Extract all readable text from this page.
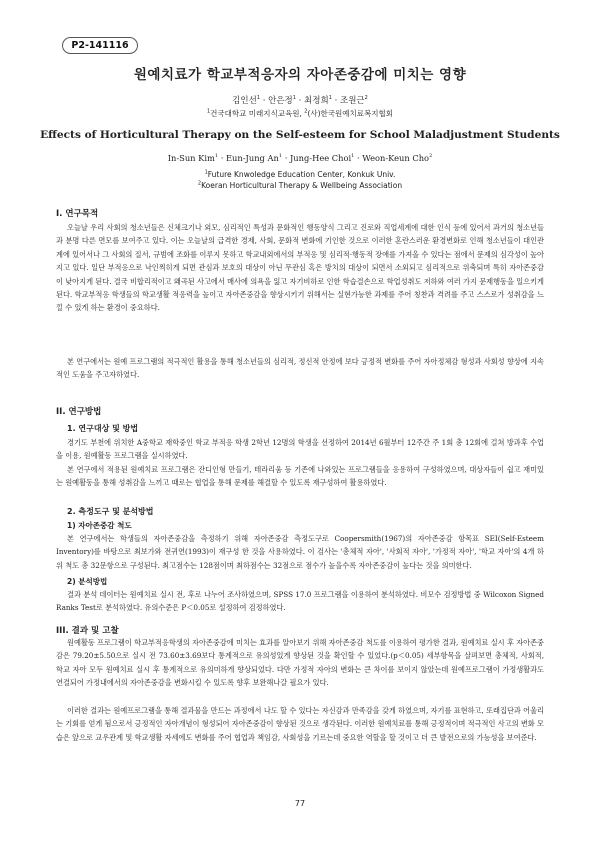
P2-141116
원예치료가 학교부적응자의 자아존중감에 미치는 영향
김인선$^1$ · 안은정$^1$ · 최정희$^1$ · 조원근$^2$
$^1$건국대학교 미래지식교육원, $^2$(사)한국원예치료복지협회
Effects of Horticultural Therapy on the Self-esteem for School Maladjustment Students
In-Sun Kim$^1$ · Eun-Jung $An^1$ · Jung-Hee Choi$^1$ · Weon-Keun Cho$^2$
$^1$Future Knwoledge Education Center, Konkuk Univ.
$^2$Koeran Horticultural Therapy & Wellbeing Association
I. 연구목적

오늘날 우리 사회의 청소년들은 신체크기나 외모, 심리적인 특성과 문화적인 행동양식 그리고 진로와 직업세계에 대한 인식 등에 있어서 과거의 청소년들과 분명 다른 면모를 보여주고 있다. 이는 오늘날의 급격한 경제, 사회, 문화적 변화에 기인한 것으로 이러한 혼란스러운 환경변화로 인해 청소년들이 대인관계에 있어서나 그 사회의 질서, 규범에 조화를 이루지 못하고 학교내외에서의 부적응 및 심리적·행동적 장애를 가져올 수 있다는 점에서 문제의 심각성이 높아지고 있다. 일단 부적응으로 낙인찍히게 되면 관심과 보호의 대상이 아닌 무관심 혹은 방치의 대상이 되면서 소외되고 심리적으로 위축되며 특히 자아존중감이 낮아지게 된다. 결국 비합리적이고 왜곡된 사고에서 매사에 의욕을 잃고 자기비하로 인한 학습결손으로 학업성취도 저하와 여러 가지 문제행동을 일으키게 된다. 학교부적응 학생들의 학교생활 적응력을 높이고 자아존중감을 향상시키기 위해서는 실현가능한 과제를 주어 칭찬과 격려를 주고 스스로가 성취감을 느낄 수 있게 하는 환경이 중요하다.

본 연구에서는 원예 프로그램의 적극적인 활용을 통해 청소년들의 심리적, 정신적 안정에 보다 긍정적 변화를 주어 자아정체감 형성과 사회성 향상에 지속적인 도움을 주고자하였다.

II. 연구방법
1. 연구대상 및 방법

경기도 부천에 위치한 A중학교 재학중인 학교 부적응 학생 2학년 12명의 학생을 선정하여 2014년 6월부터 12주간 주 1회 총 12회에 걸쳐 방과후 수업을 이용, 원예활동 프로그램을 실시하였다.

본 연구에서 적용된 원예치료 프로그램은 잔디인형 만들기, 테라리움 등 기존에 나와있는 프로그램들을 응용하여 구성하였으며, 대상자들이 쉽고 재미있는 원예활동을 통해 성취감을 느끼고 때로는 협업을 통해 문제를 해결할 수 있도록 재구성하여 활용하였다.

2. 측정도구 및 분석방법
1) 자아존중감 척도

본 연구에서는 학생들의 자아존중감을 측정하기 위해 자아존중감 측정도구로 Coopersmith(1967)의 자아존중감 항목표 SEI(Self-Esteem Inventory)를 바탕으로 최보가와 전귀연(1993)이 재구성 한 것을 사용하였다. 이 검사는 '총체적 자아', '사회적 자아', '가정적 자아', '학교 자아'의 4개 하위 척도 총 32문항으로 구성된다. 최고점수는 128점이며 최하점수는 32점으로 점수가 높을수록 자아존중감이 높다는 것을 의미한다.

2) 분석방법

결과 분석 데이터는 원예치료 실시 전, 후로 나누어 조사하였으며, SPSS 17.0 프로그램을 이용하여 분석하였다. 비모수 검정방법 중 Wilcoxon Signed Ranks Test로 분석하였다. 유의수준은 P＜0.05로 설정하여 검정하였다.

III. 결과 및 고찰

원예활동 프로그램이 학교부적응학생의 자아존중감에 미치는 효과를 알아보기 위해 자아존중감 척도를 이용하여 평가한 결과, 원예치료 실시 후 자아존중감은 79.20±5.50으로 실시 전 73.60±3.69보다 통계적으로 유의성있게 향상된 것을 확인할 수 있었다.(p＜0.05) 세부항목을 살펴보면 총체적, 사회적, 학교 자아 모두 원예치료 실시 후 통계적으로 유의미하게 향상되었다. 다만 가정적 자아의 변화는 큰 차이를 보이지 않았는데 원예프로그램이 가정생활과도 연결되어 가정내에서의 자아존중감을 변화시킬 수 있도록 향후 보완해나갈 필요가 있다.

이러한 결과는 원예프로그램을 통해 결과물을 만드는 과정에서 나도 할 수 있다는 자신감과 만족감을 갖게 하였으며, 자기를 표현하고, 또래집단과 어울리는 기회를 얻게 됨으로서 긍정적인 자아개념이 형성되어 자아존중감이 향상된 것으로 생각된다. 이러한 원예치료를 통해 긍정적이며 적극적인 사고의 변화 모습은 앞으로 교우관계 및 학교생활 자세에도 변화를 주어 협업과 책임감, 사회성을 기르는데 중요한 역할을 할 것이고 더 큰 발전으로의 가능성을 보여준다.

77
